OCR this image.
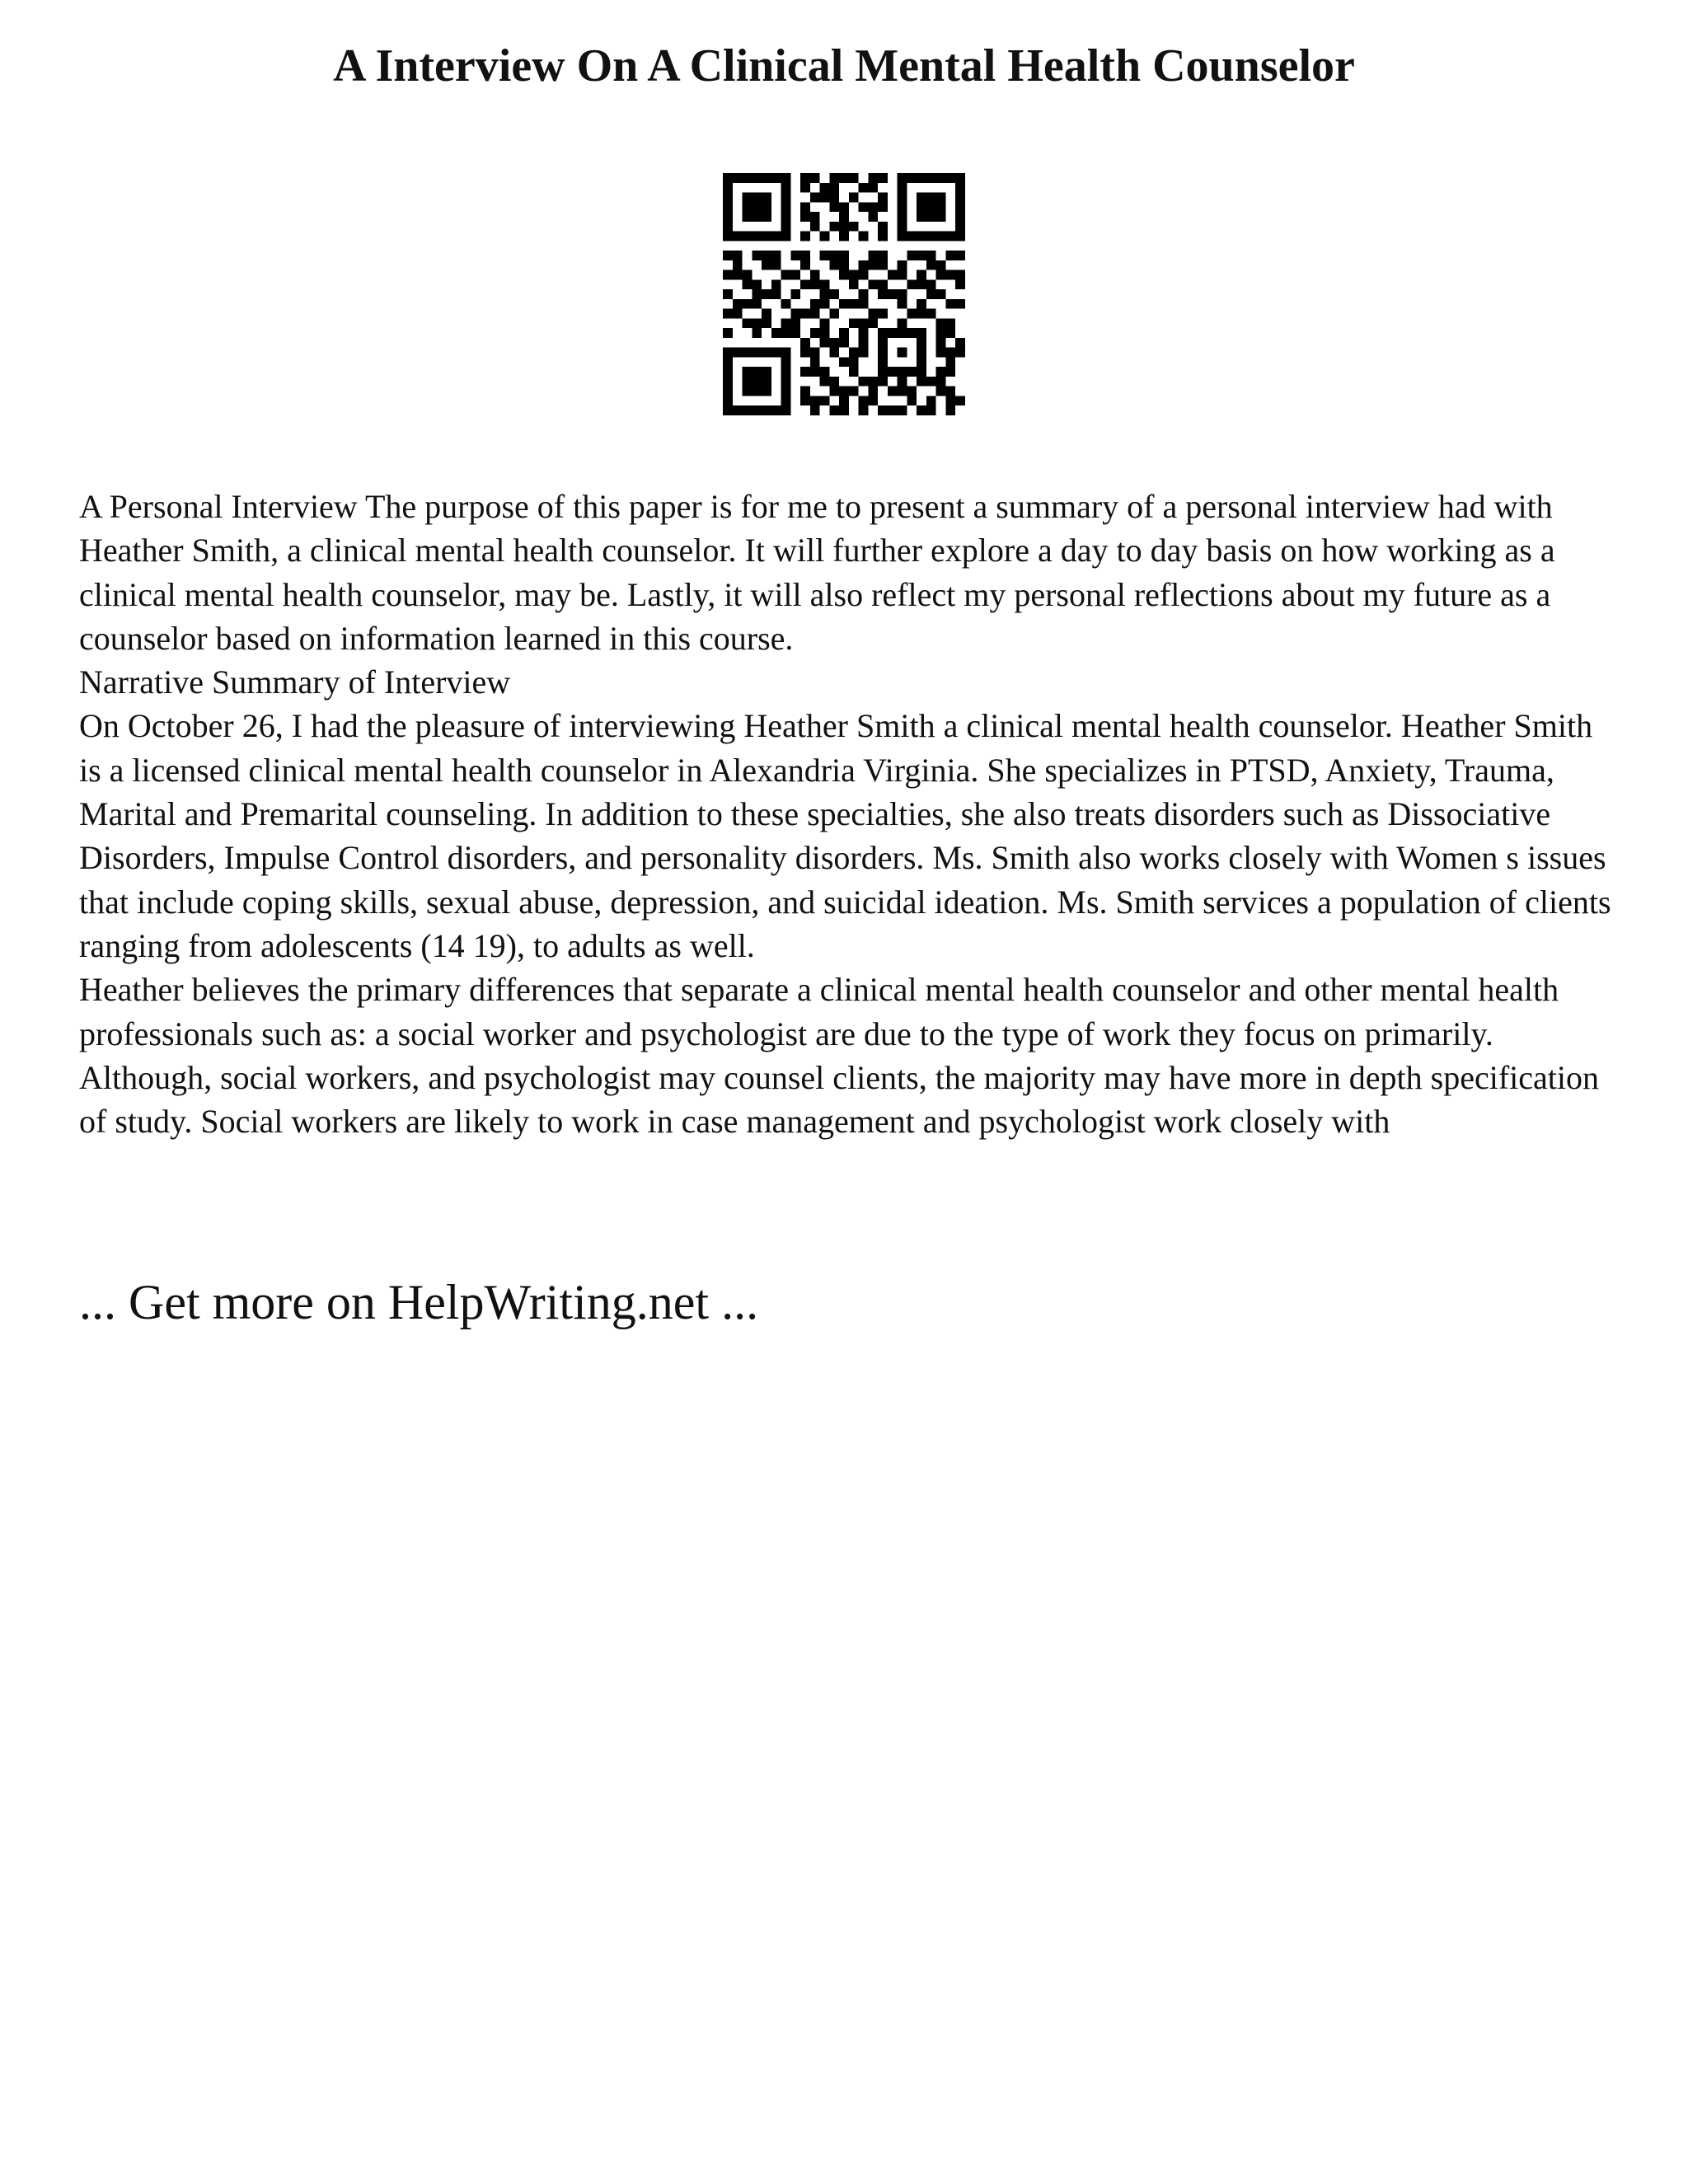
A Interview On A Clinical Mental Health Counselor

A Personal Interview The purpose of this paper is for me to present a summary of a personal interview had with Heather Smith, a clinical mental health counselor. It will further explore a day to day basis on how working as a clinical mental health counselor, may be. Lastly, it will also reflect my personal reflections about my future as a counselor based on information learned in this course.

Narrative Summary of Interview

On October 26, I had the pleasure of interviewing Heather Smith a clinical mental health counselor. Heather Smith is a licensed clinical mental health counselor in Alexandria Virginia. She specializes in PTSD, Anxiety, Trauma, Marital and Premarital counseling. In addition to these specialties, she also treats disorders such as Dissociative Disorders, Impulse Control disorders, and personality disorders. Ms. Smith also works closely with Women s issues that include coping skills, sexual abuse, depression, and suicidal ideation. Ms. Smith services a population of clients ranging from adolescents (14 19), to adults as well.

Heather believes the primary differences that separate a clinical mental health counselor and other mental health professionals such as: a social worker and psychologist are due to the type of work they focus on primarily. Although, social workers, and psychologist may counsel clients, the majority may have more in depth specification of study. Social workers are likely to work in case management and psychologist work closely with

... Get more on HelpWriting.net ...
